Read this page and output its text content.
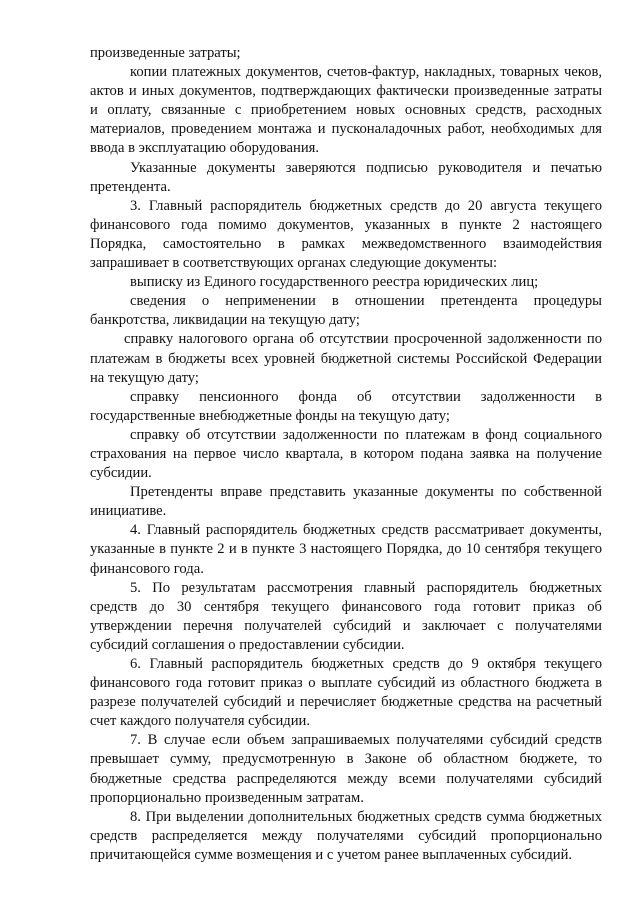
произведенные затраты;

копии платежных документов, счетов-фактур, накладных, товарных чеков, актов и иных документов, подтверждающих фактически произведенные затраты и оплату, связанные с приобретением новых основных средств, расходных материалов, проведением монтажа и пусконаладочных работ, необходимых для ввода в эксплуатацию оборудования.

Указанные документы заверяются подписью руководителя и печатью претендента.

3. Главный распорядитель бюджетных средств до 20 августа текущего финансового года помимо документов, указанных в пункте 2 настоящего Порядка, самостоятельно в рамках межведомственного взаимодействия запрашивает в соответствующих органах следующие документы:

выписку из Единого государственного реестра юридических лиц;

сведения о неприменении в отношении претендента процедуры банкротства, ликвидации на текущую дату;

справку налогового органа об отсутствии просроченной задолженности по платежам в бюджеты всех уровней бюджетной системы Российской Федерации на текущую дату;

справку пенсионного фонда об отсутствии задолженности в государственные внебюджетные фонды на текущую дату;

справку об отсутствии задолженности по платежам в фонд социального страхования на первое число квартала, в котором подана заявка на получение субсидии.

Претенденты вправе представить указанные документы по собственной инициативе.

4. Главный распорядитель бюджетных средств рассматривает документы, указанные в пункте 2 и в пункте 3 настоящего Порядка, до 10 сентября текущего финансового года.

5. По результатам рассмотрения главный распорядитель бюджетных средств до 30 сентября текущего финансового года готовит приказ об утверждении перечня получателей субсидий и заключает с получателями субсидий соглашения о предоставлении субсидии.

6. Главный распорядитель бюджетных средств до 9 октября текущего финансового года готовит приказ о выплате субсидий из областного бюджета в разрезе получателей субсидий и перечисляет бюджетные средства на расчетный счет каждого получателя субсидии.

7. В случае если объем запрашиваемых получателями субсидий средств превышает сумму, предусмотренную в Законе об областном бюджете, то бюджетные средства распределяются между всеми получателями субсидий пропорционально произведенным затратам.

8. При выделении дополнительных бюджетных средств сумма бюджетных средств распределяется между получателями субсидий пропорционально причитающейся сумме возмещения и с учетом ранее выплаченных субсидий.
